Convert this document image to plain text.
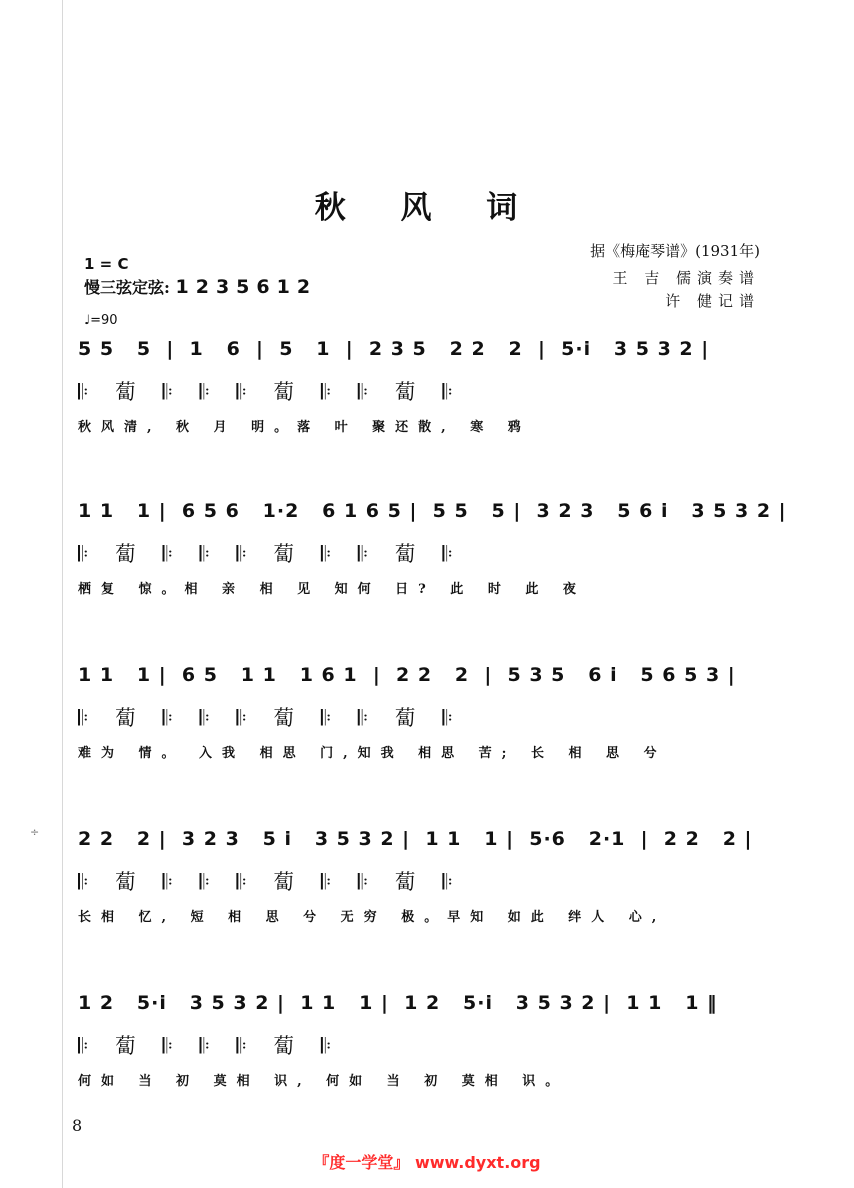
÷
秋 风 词
1 = C
慢三弦定弦: 1235612
♩=90
据《梅庵琴谱》(1931年)
王 吉 儒演奏谱
许 健记谱
5 5   5  |  1   6  |  5   1  |  2 3 5   2 2   2  |  5·i   3 5 3 2 |
𝄆 蔔 𝄆 𝄆 𝄆 蔔 𝄆 𝄆 蔔 𝄆
秋风清, 秋 月 明。落 叶 聚还散, 寒 鸦
1 1   1 |  6 5 6   1·2   6 1 6 5 |  5 5   5 |  3 2 3   5 6 i   3 5 3 2 |
𝄆 蔔 𝄆 𝄆 𝄆 蔔 𝄆 𝄆 蔔 𝄆
栖复 惊。相 亲 相 见 知何 日? 此 时 此 夜
1 1   1 |  6 5   1 1   1 6 1  |  2 2   2  |  5 3 5   6 i   5 6 5 3 |
𝄆 蔔 𝄆 𝄆 𝄆 蔔 𝄆 𝄆 蔔 𝄆
难为 情。 入我 相思 门,知我 相思 苦; 长 相 思 兮
2 2   2 |  3 2 3   5 i   3 5 3 2 |  1 1   1 |  5·6   2·1  |  2 2   2 |
𝄆 蔔 𝄆 𝄆 𝄆 蔔 𝄆 𝄆 蔔 𝄆
长相 忆, 短 相 思 兮 无穷 极。早知 如此 绊人 心,
1 2   5·i   3 5 3 2 |  1 1   1 |  1 2   5·i   3 5 3 2 |  1 1   1 ‖
𝄆 蔔 𝄆 𝄆 𝄆 蔔 𝄆
何如 当 初 莫相 识, 何如 当 初 莫相 识。
8
『度一学堂』 www.dyxt.org
